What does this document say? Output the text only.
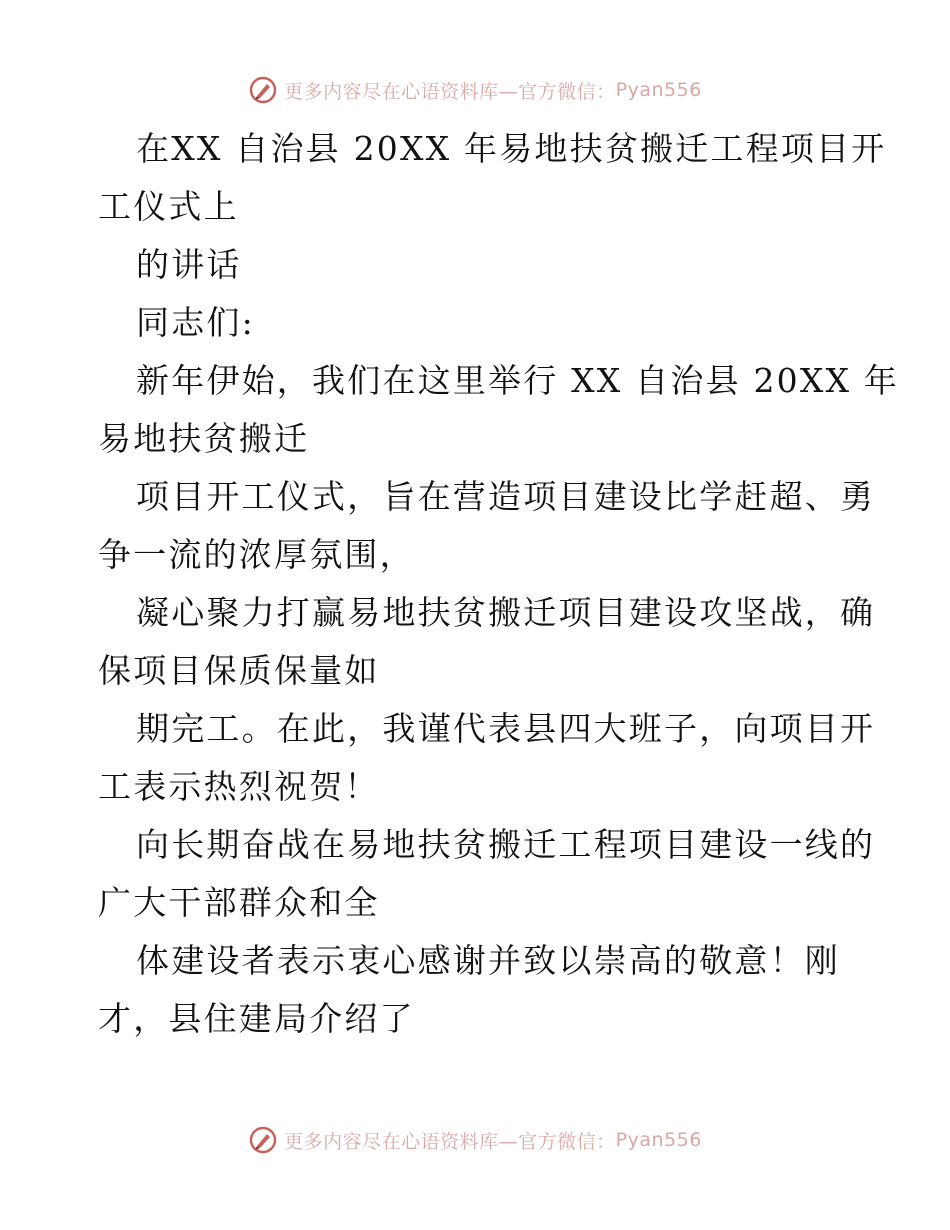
更多内容尽在心语资料库—官方微信： Pyan556
在XX 自治县 20XX 年易地扶贫搬迁工程项目开
工仪式上
的讲话
同志们:
新年伊始，我们在这里举行 XX 自治县 20XX 年
易地扶贫搬迁
项目开工仪式，旨在营造项目建设比学赶超、勇
争一流的浓厚氛围，
凝心聚力打赢易地扶贫搬迁项目建设攻坚战，确
保项目保质保量如
期完工。在此，我谨代表县四大班子，向项目开
工表示热烈祝贺！
向长期奋战在易地扶贫搬迁工程项目建设一线的
广大干部群众和全
体建设者表示衷心感谢并致以崇高的敬意！刚
才，县住建局介绍了
更多内容尽在心语资料库—官方微信： Pyan556
